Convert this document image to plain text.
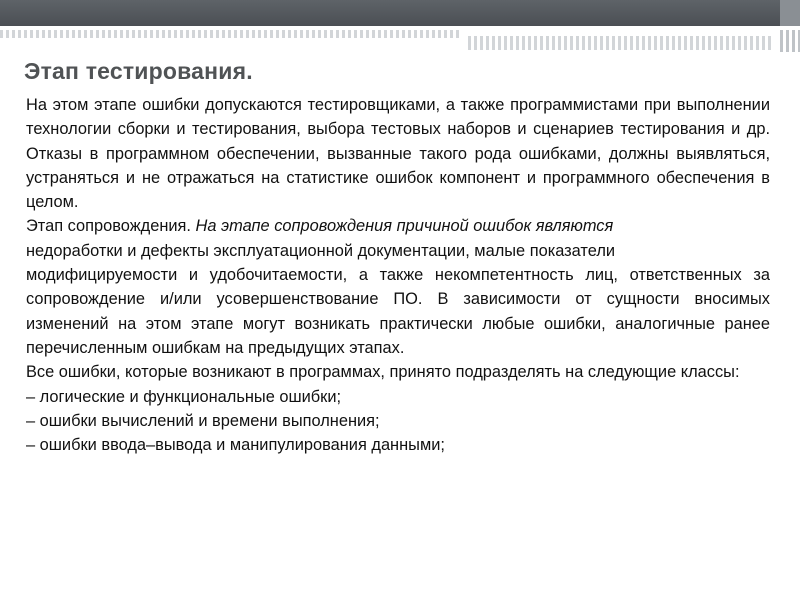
Этап тестирования.

На этом этапе ошибки допускаются тестировщиками, а также программистами при выполнении технологии сборки и тестирования, выбора тестовых наборов и сценариев тестирования и др. Отказы в программном обеспечении, вызванные такого рода ошибками, должны выявляться, устраняться и не отражаться на статистике ошибок компонент и программного обеспечения в целом.

Этап сопровождения. На этапе сопровождения причиной ошибок являются

недоработки и дефекты эксплуатационной документации, малые показатели

модифицируемости и удобочитаемости, а также некомпетентность лиц, ответственных за сопровождение и/или усовершенствование ПО. В зависимости от сущности вносимых изменений на этом этапе могут возникать практически любые ошибки, аналогичные ранее перечисленным ошибкам на предыдущих этапах.

Все ошибки, которые возникают в программах, принято подразделять на следующие классы:

– логические и функциональные ошибки;

– ошибки вычислений и времени выполнения;

– ошибки ввода–вывода и манипулирования данными;
